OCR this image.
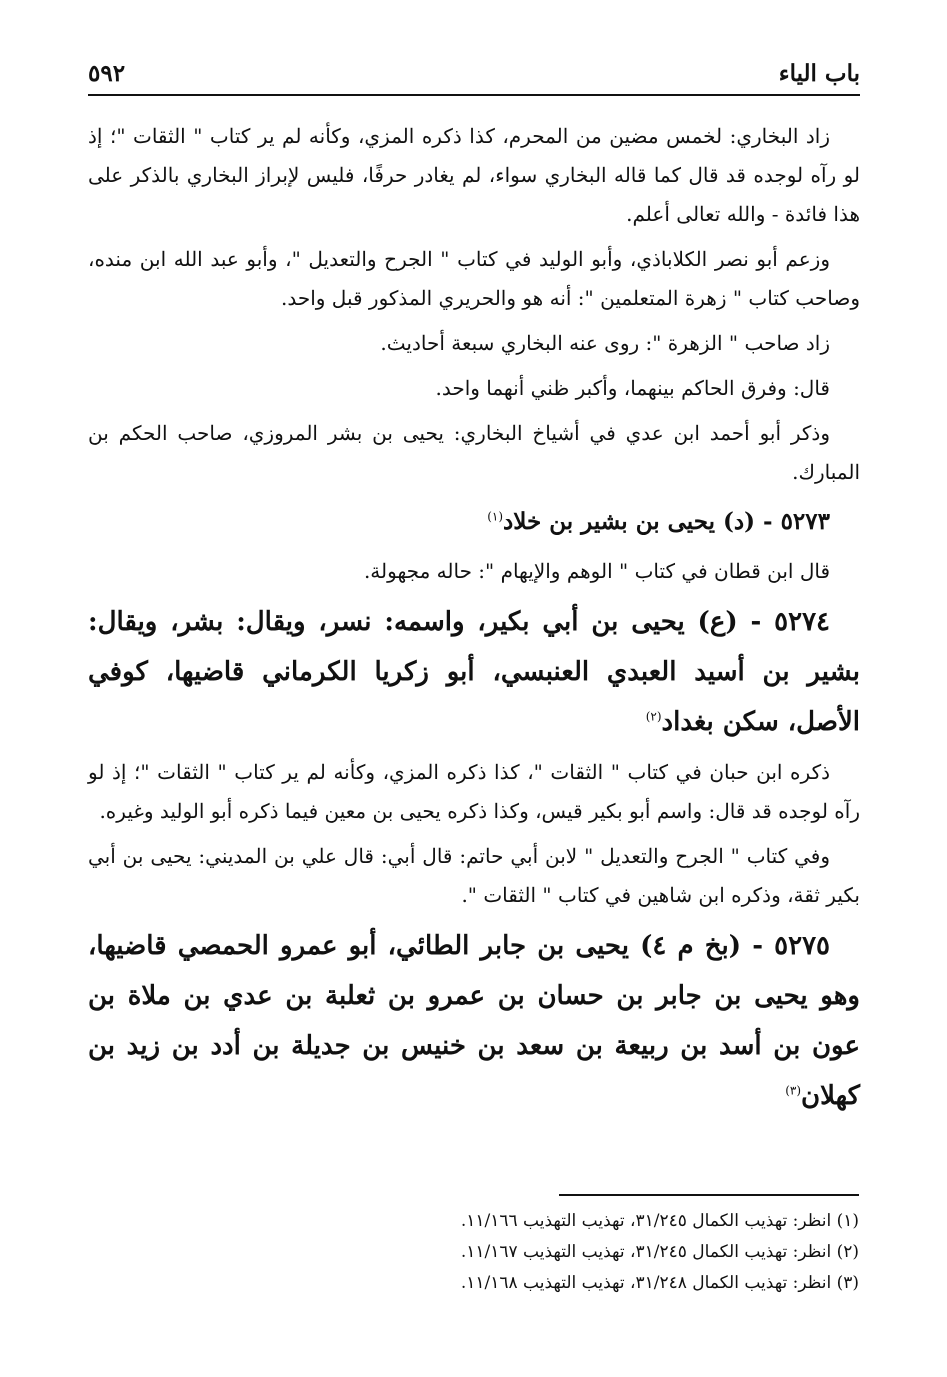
باب الياء
٥٩٢

زاد البخاري: لخمس مضين من المحرم، كذا ذكره المزي، وكأنه لم ير كتاب " الثقات "؛ إذ لو رآه لوجده قد قال كما قاله البخاري سواء، لم يغادر حرفًا، فليس لإبراز البخاري بالذكر على هذا فائدة - والله تعالى أعلم.

وزعم أبو نصر الكلاباذي، وأبو الوليد في كتاب " الجرح والتعديل "، وأبو عبد الله ابن منده، وصاحب كتاب " زهرة المتعلمين ": أنه هو والحريري المذكور قبل واحد.

زاد صاحب " الزهرة ": روى عنه البخاري سبعة أحاديث.

قال: وفرق الحاكم بينهما، وأكبر ظني أنهما واحد.

وذكر أبو أحمد ابن عدي في أشياخ البخاري: يحيى بن بشر المروزي، صاحب الحكم بن المبارك.

٥٢٧٣ - (د) يحيى بن بشير بن خلاد$^{(١)}$

قال ابن قطان في كتاب " الوهم والإيهام ": حاله مجهولة.

٥٢٧٤ - (ع) يحيى بن أبي بكير، واسمه: نسر، ويقال: بشر، ويقال: بشير بن أسيد العبدي العنبسي، أبو زكريا الكرماني قاضيها، كوفي الأصل، سكن بغداد$^{(٢)}$

ذكره ابن حبان في كتاب " الثقات "، كذا ذكره المزي، وكأنه لم ير كتاب " الثقات "؛ إذ لو رآه لوجده قد قال: واسم أبو بكير قيس، وكذا ذكره يحيى بن معين فيما ذكره أبو الوليد وغيره.

وفي كتاب " الجرح والتعديل " لابن أبي حاتم: قال أبي: قال علي بن المديني: يحيى بن أبي بكير ثقة، وذكره ابن شاهين في كتاب " الثقات ".

٥٢٧٥ - (بخ م ٤) يحيى بن جابر الطائي، أبو عمرو الحمصي قاضيها، وهو يحيى بن جابر بن حسان بن عمرو بن ثعلبة بن عدي بن ملاة بن عون بن أسد بن ربيعة بن سعد بن خنيس بن جديلة بن أدد بن زيد بن كهلان$^{(٣)}$

(١) انظر: تهذيب الكمال ٣١/٢٤٥، تهذيب التهذيب ١١/١٦٦.

(٢) انظر: تهذيب الكمال ٣١/٢٤٥، تهذيب التهذيب ١١/١٦٧.

(٣) انظر: تهذيب الكمال ٣١/٢٤٨، تهذيب التهذيب ١١/١٦٨.
